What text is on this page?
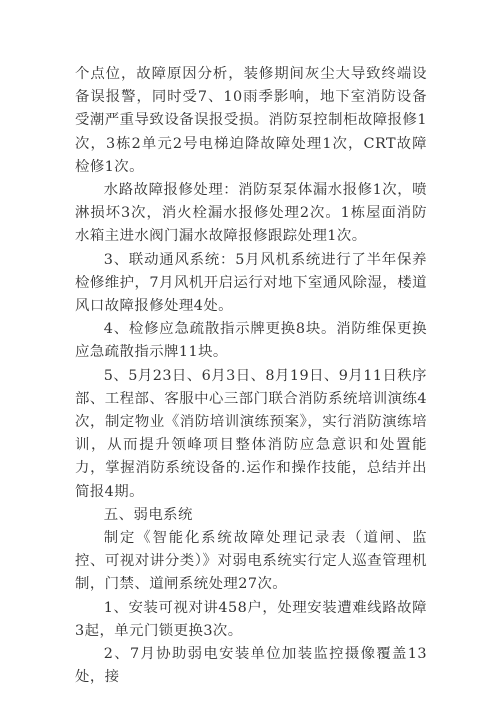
个点位，故障原因分析，装修期间灰尘大导致终端设备误报警，同时受7、10雨季影响，地下室消防设备受潮严重导致设备误报受损。消防泵控制柜故障报修1次，3栋2单元2号电梯迫降故障处理1次，CRT故障检修1次。

水路故障报修处理：消防泵泵体漏水报修1次，喷淋损坏3次，消火栓漏水报修处理2次。1栋屋面消防水箱主进水阀门漏水故障报修跟踪处理1次。

3、联动通风系统：5月风机系统进行了半年保养检修维护，7月风机开启运行对地下室通风除湿，楼道风口故障报修处理4处。

4、检修应急疏散指示牌更换8块。消防维保更换应急疏散指示牌11块。

5、5月23日、6月3日、8月19日、9月11日秩序部、工程部、客服中心三部门联合消防系统培训演练4次，制定物业《消防培训演练预案》，实行消防演练培训，从而提升领峰项目整体消防应急意识和处置能力，掌握消防系统设备的.运作和操作技能，总结并出简报4期。

五、弱电系统

制定《智能化系统故障处理记录表（道闸、监控、可视对讲分类）》对弱电系统实行定人巡查管理机制，门禁、道闸系统处理27次。

1、安装可视对讲458户，处理安装遭难线路故障3起，单元门锁更换3次。

2、7月协助弱电安装单位加装监控摄像覆盖13处，接
